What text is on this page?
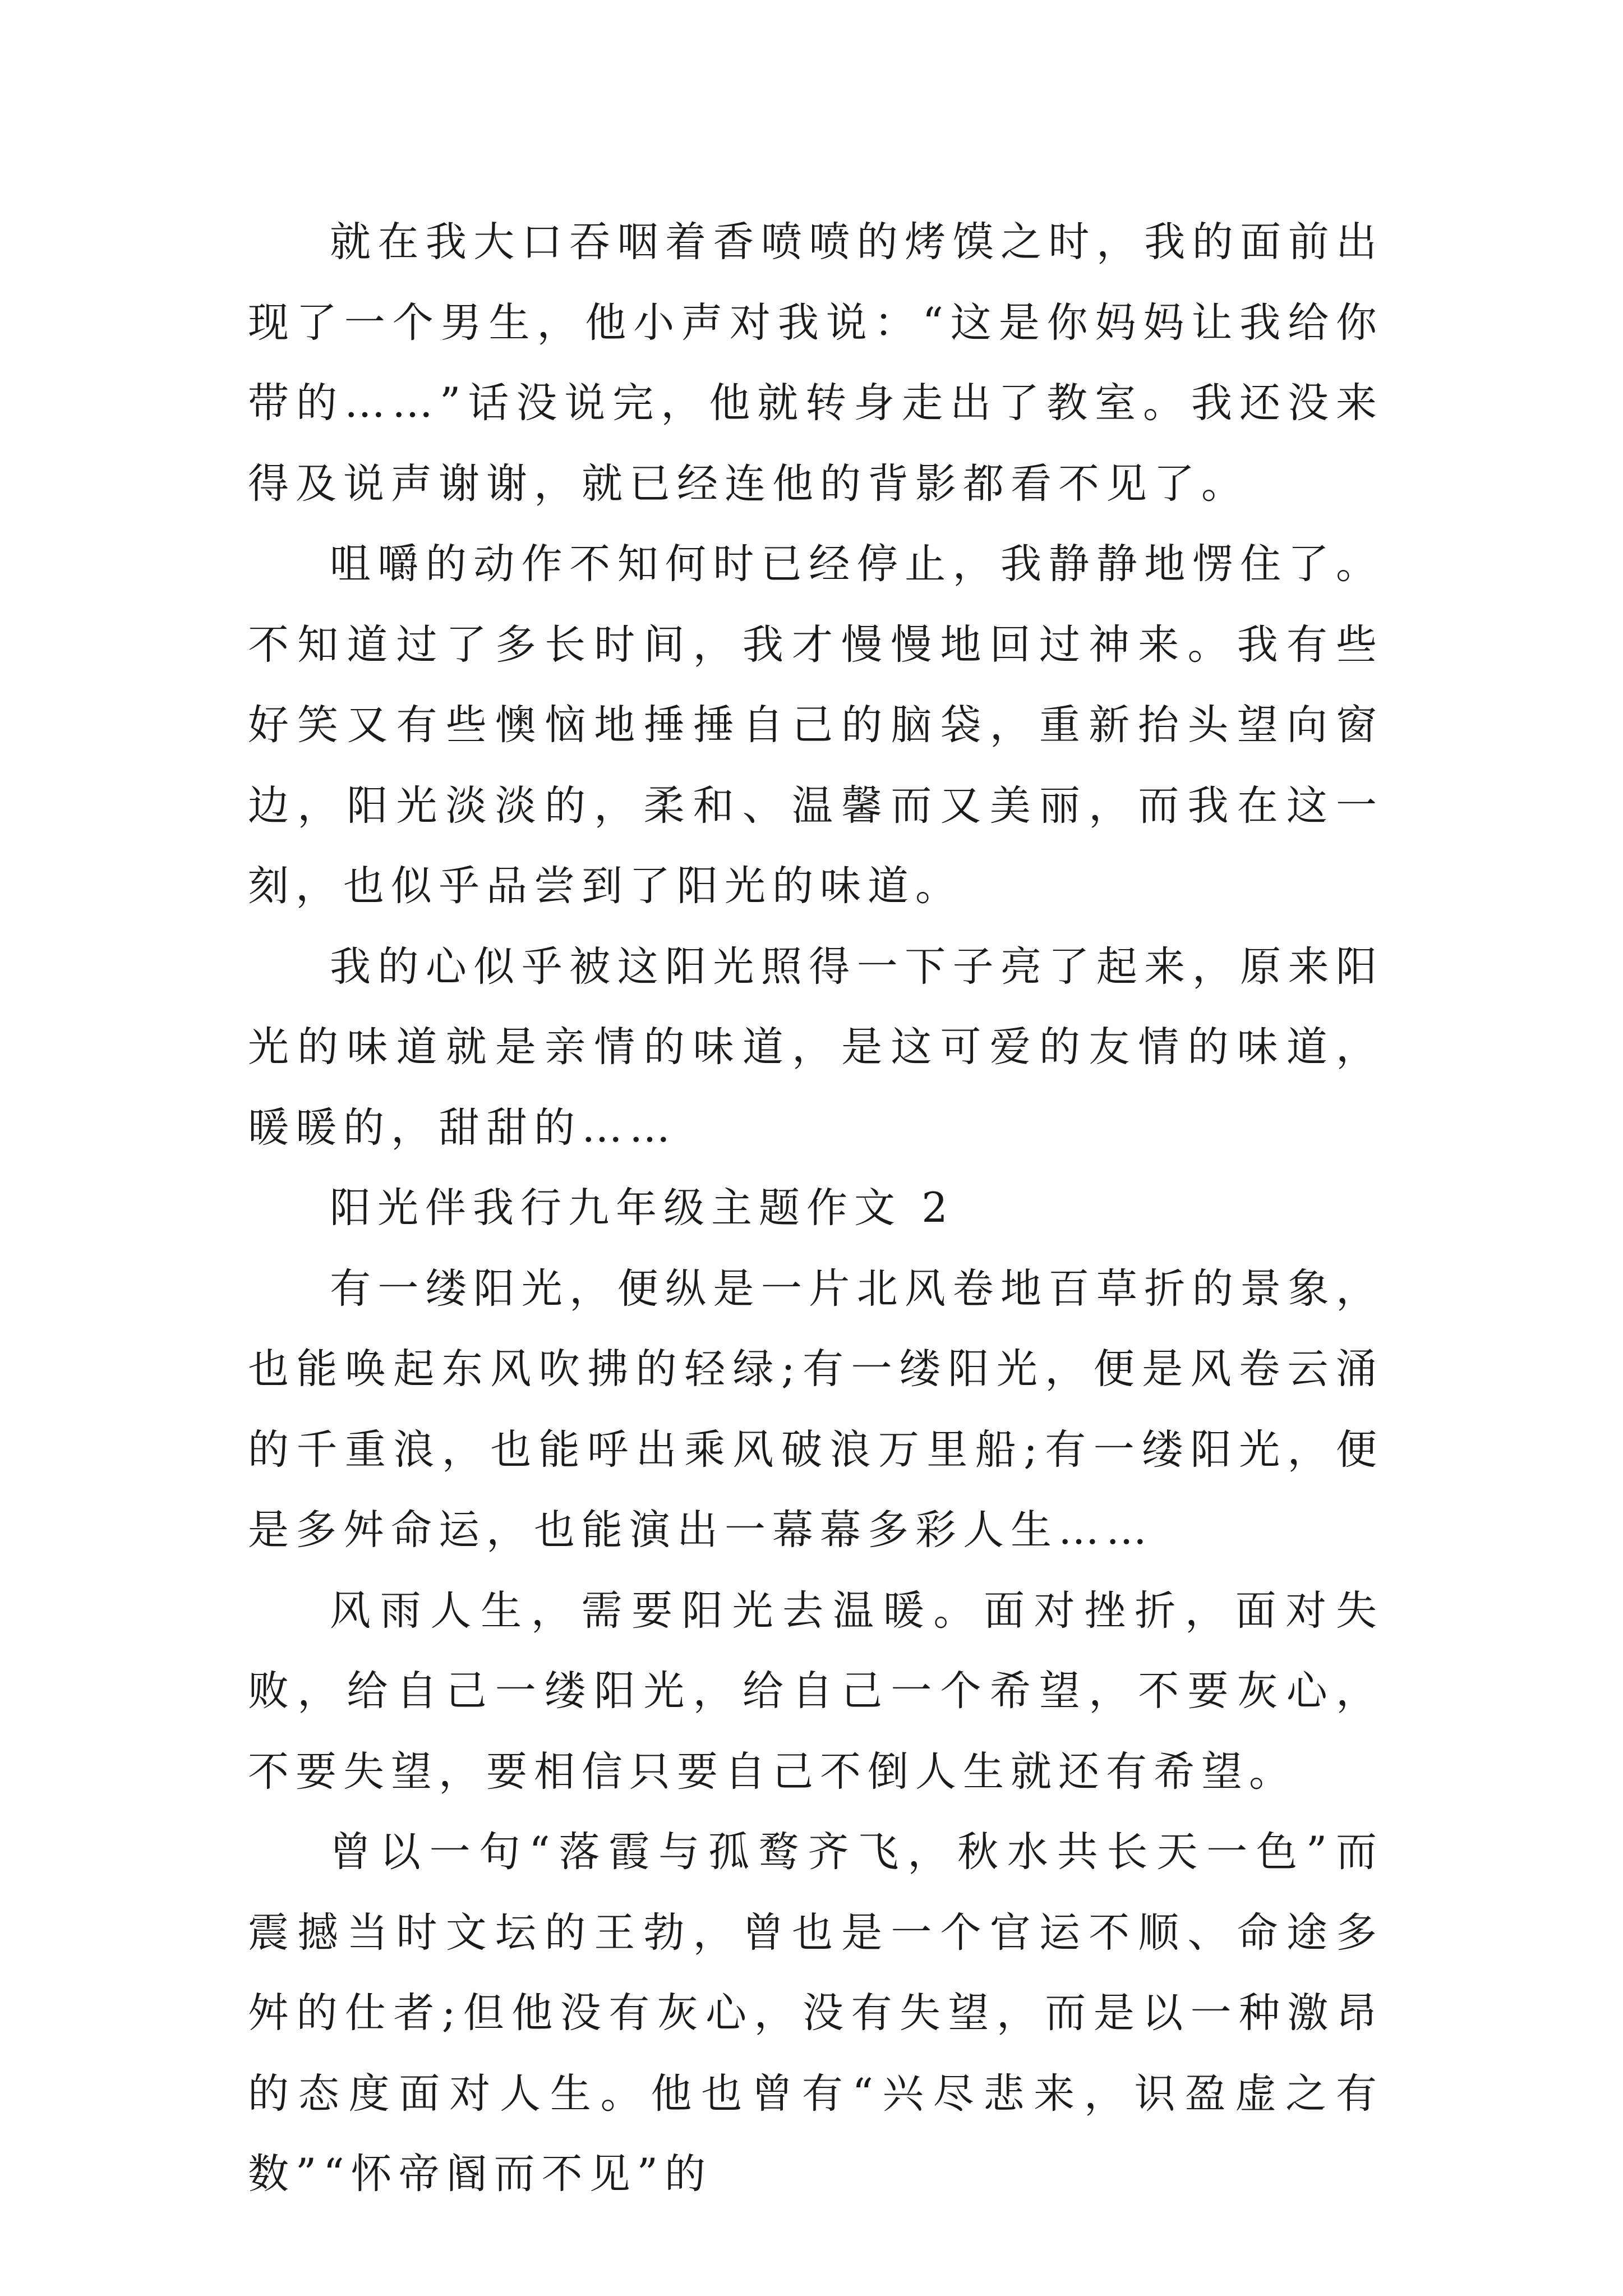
就在我大口吞咽着香喷喷的烤馍之时，我的面前出现了一个男生，他小声对我说：“这是你妈妈让我给你带的……”话没说完，他就转身走出了教室。我还没来得及说声谢谢，就已经连他的背影都看不见了。

咀嚼的动作不知何时已经停止，我静静地愣住了。不知道过了多长时间，我才慢慢地回过神来。我有些好笑又有些懊恼地捶捶自己的脑袋，重新抬头望向窗边，阳光淡淡的，柔和、温馨而又美丽，而我在这一刻，也似乎品尝到了阳光的味道。

我的心似乎被这阳光照得一下子亮了起来，原来阳光的味道就是亲情的味道，是这可爱的友情的味道，暖暖的，甜甜的……

阳光伴我行九年级主题作文 2

有一缕阳光，便纵是一片北风卷地百草折的景象，也能唤起东风吹拂的轻绿;有一缕阳光，便是风卷云涌的千重浪，也能呼出乘风破浪万里船;有一缕阳光，便是多舛命运，也能演出一幕幕多彩人生……

风雨人生，需要阳光去温暖。面对挫折，面对失败，给自己一缕阳光，给自己一个希望，不要灰心，不要失望，要相信只要自己不倒人生就还有希望。

曾以一句“落霞与孤鹜齐飞，秋水共长天一色”而震撼当时文坛的王勃，曾也是一个官运不顺、命途多舛的仕者;但他没有灰心，没有失望，而是以一种激昂的态度面对人生。他也曾有“兴尽悲来，识盈虚之有数”“怀帝阍而不见”的
